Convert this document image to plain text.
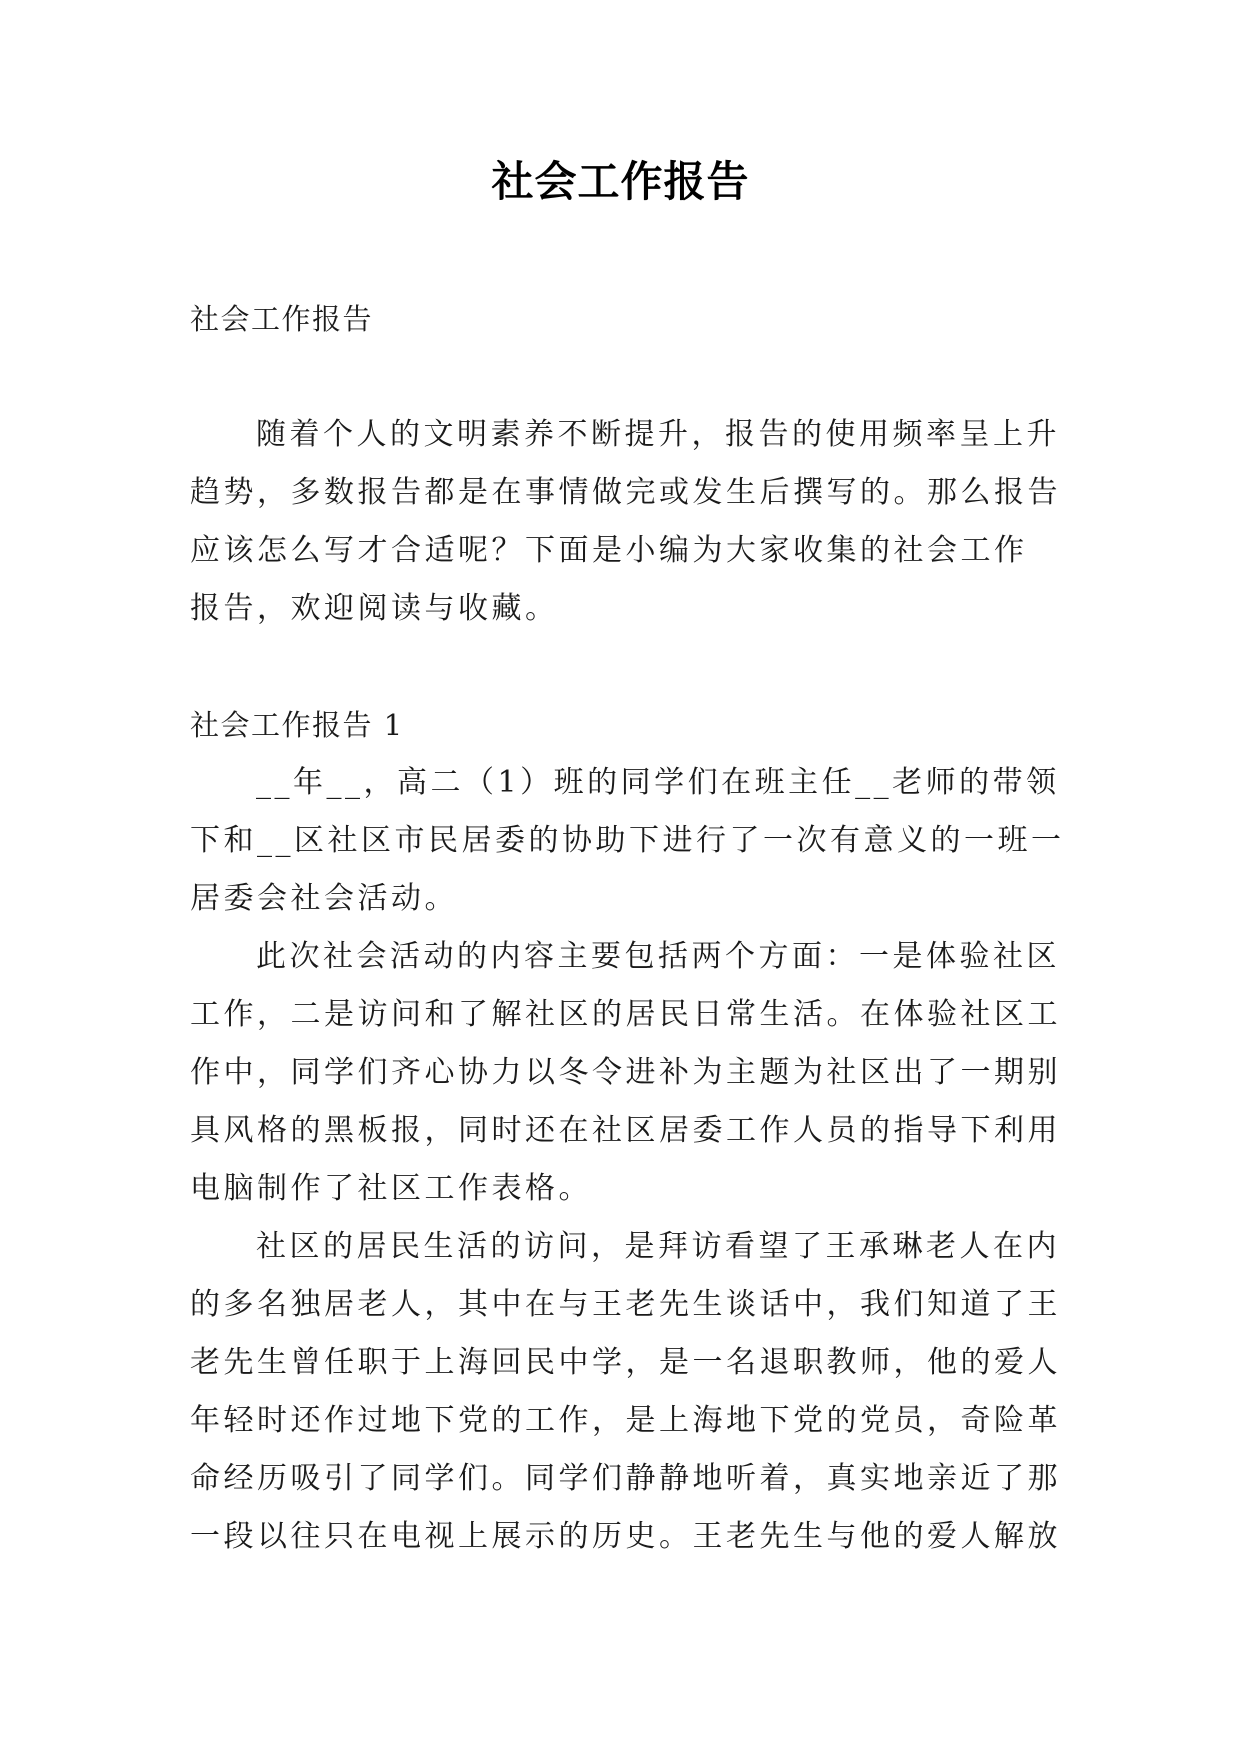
社会工作报告
社会工作报告
随着个人的文明素养不断提升，报告的使用频率呈上升
趋势，多数报告都是在事情做完或发生后撰写的。那么报告
应该怎么写才合适呢？下面是小编为大家收集的社会工作
报告，欢迎阅读与收藏。
社会工作报告 1
__年__，高二（1）班的同学们在班主任__老师的带领
下和__区社区市民居委的协助下进行了一次有意义的一班一
居委会社会活动。
此次社会活动的内容主要包括两个方面：一是体验社区
工作，二是访问和了解社区的居民日常生活。在体验社区工
作中，同学们齐心协力以冬令进补为主题为社区出了一期别
具风格的黑板报，同时还在社区居委工作人员的指导下利用
电脑制作了社区工作表格。
社区的居民生活的访问，是拜访看望了王承琳老人在内
的多名独居老人，其中在与王老先生谈话中，我们知道了王
老先生曾任职于上海回民中学，是一名退职教师，他的爱人
年轻时还作过地下党的工作，是上海地下党的党员，奇险革
命经历吸引了同学们。同学们静静地听着，真实地亲近了那
一段以往只在电视上展示的历史。王老先生与他的爱人解放
